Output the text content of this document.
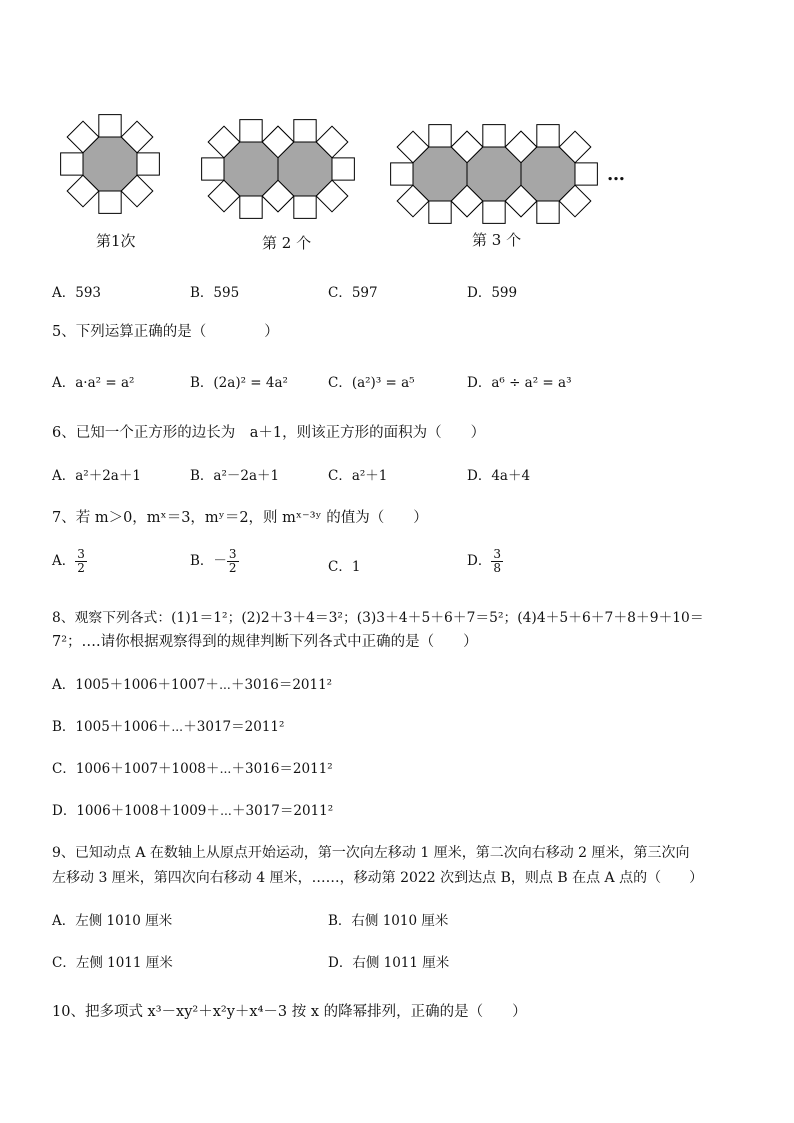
第1次	第 2 个	第 3 个
…
A．593	B．595	C．597	D．599
5、下列运算正确的是（　　　　）
A．a·a² = a²	B．(2a)² = 4a²	C．(a²)³ = a⁵	D．a⁶ ÷ a² = a³
6、已知一个正方形的边长为　a＋1，则该正方形的面积为（　　）
A．a²＋2a＋1	B．a²－2a＋1	C．a²＋1	D．4a＋4
7、若 m＞0，mˣ＝3，mʸ＝2，则 mˣ⁻³ʸ 的值为（　　）
A． $\frac{3}{2}$	B．－ $\frac{3}{2}$	C．1	D． $\frac{3}{8}$
8、观察下列各式：(1)1＝1²；(2)2＋3＋4＝3²；(3)3＋4＋5＋6＋7＝5²；(4)4＋5＋6＋7＋8＋9＋10＝
7²；….请你根据观察得到的规律判断下列各式中正确的是（　　）
A．1005＋1006＋1007＋⋯＋3016＝2011²
B．1005＋1006＋⋯＋3017＝2011²
C．1006＋1007＋1008＋⋯＋3016＝2011²
D．1006＋1008＋1009＋⋯＋3017＝2011²
9、已知动点 A 在数轴上从原点开始运动，第一次向左移动 1 厘米，第二次向右移动 2 厘米，第三次向
左移动 3 厘米，第四次向右移动 4 厘米，……，移动第 2022 次到达点 B，则点 B 在点 A 点的（　　）
A．左侧 1010 厘米	B．右侧 1010 厘米
C．左侧 1011 厘米	D．右侧 1011 厘米
10、把多项式 x³－xy²＋x²y＋x⁴－3 按 x 的降幂排列，正确的是（　　）
